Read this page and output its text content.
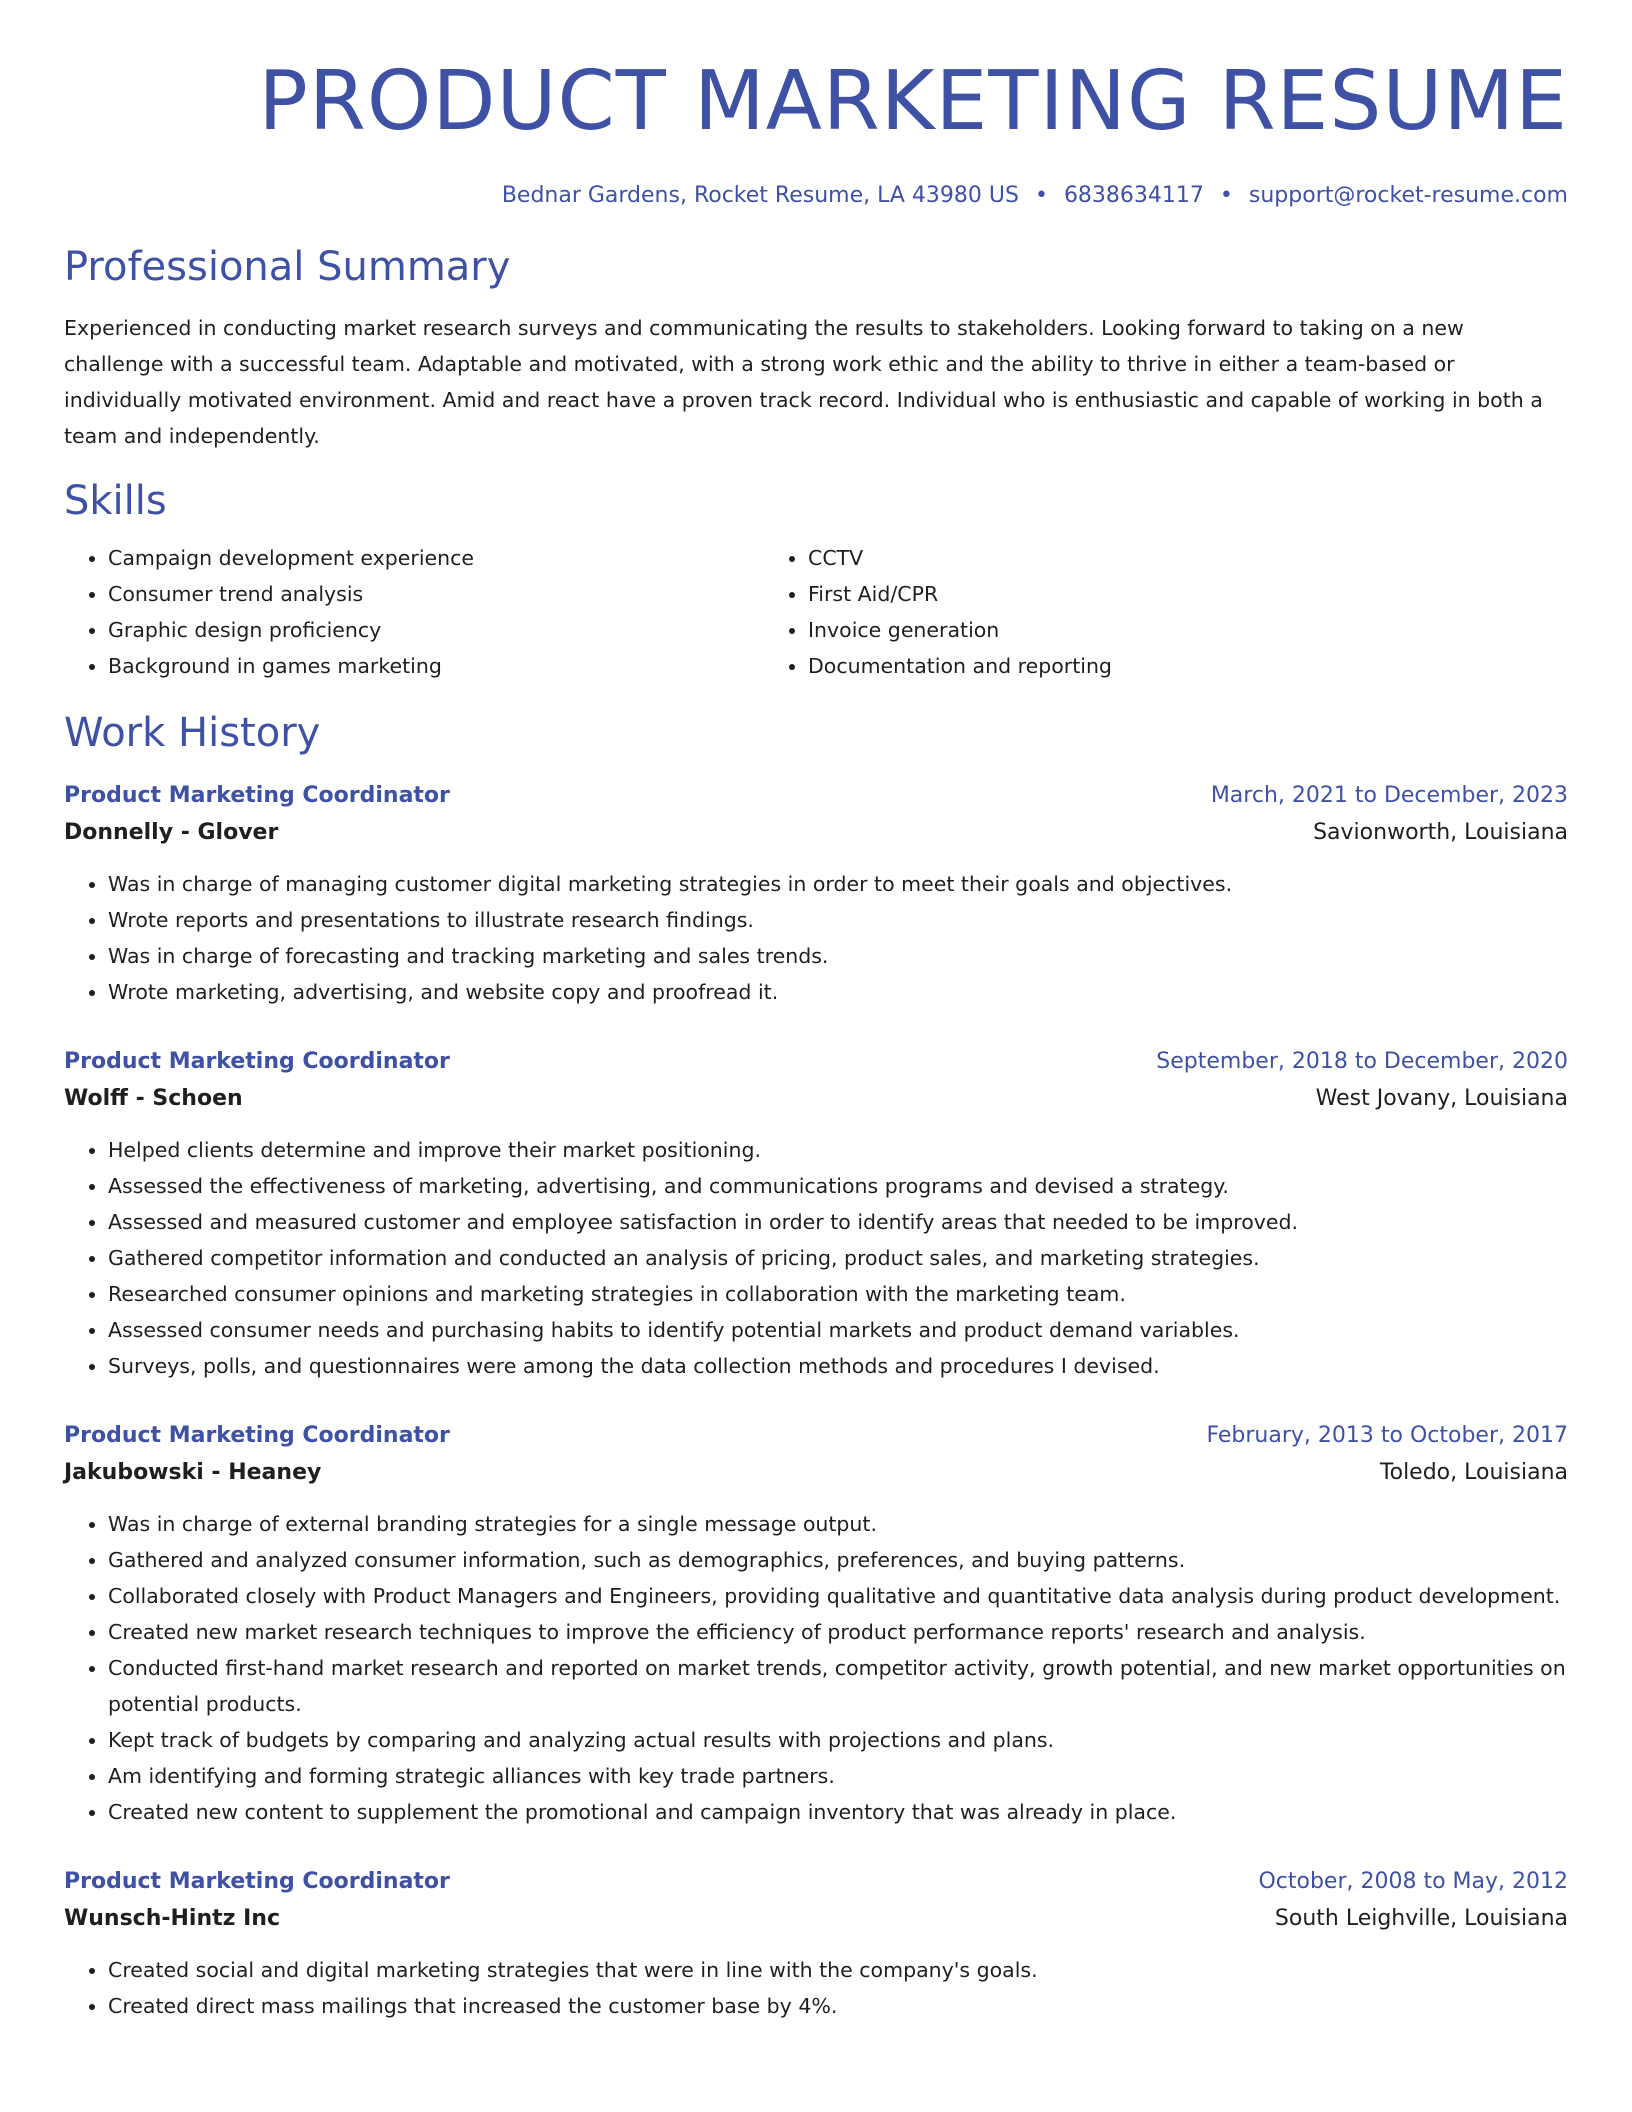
PRODUCT MARKETING RESUME
Bednar Gardens, Rocket Resume, LA 43980 US • 6838634117 • support@rocket-resume.com
Professional Summary

Experienced in conducting market research surveys and communicating the results to stakeholders. Looking forward to taking on a new challenge with a successful team. Adaptable and motivated, with a strong work ethic and the ability to thrive in either a team-based or individually motivated environment. Amid and react have a proven track record. Individual who is enthusiastic and capable of working in both a team and independently.

Skills
• Campaign development experience
• Consumer trend analysis
• Graphic design proficiency
• Background in games marketing
• CCTV
• First Aid/CPR
• Invoice generation
• Documentation and reporting
Work History
Product Marketing Coordinator	March, 2021 to December, 2023
Donnelly - Glover	Savionworth, Louisiana
• Was in charge of managing customer digital marketing strategies in order to meet their goals and objectives.
• Wrote reports and presentations to illustrate research findings.
• Was in charge of forecasting and tracking marketing and sales trends.
• Wrote marketing, advertising, and website copy and proofread it.
Product Marketing Coordinator	September, 2018 to December, 2020
Wolff - Schoen	West Jovany, Louisiana
• Helped clients determine and improve their market positioning.
• Assessed the effectiveness of marketing, advertising, and communications programs and devised a strategy.
• Assessed and measured customer and employee satisfaction in order to identify areas that needed to be improved.
• Gathered competitor information and conducted an analysis of pricing, product sales, and marketing strategies.
• Researched consumer opinions and marketing strategies in collaboration with the marketing team.
• Assessed consumer needs and purchasing habits to identify potential markets and product demand variables.
• Surveys, polls, and questionnaires were among the data collection methods and procedures I devised.
Product Marketing Coordinator	February, 2013 to October, 2017
Jakubowski - Heaney	Toledo, Louisiana
• Was in charge of external branding strategies for a single message output.
• Gathered and analyzed consumer information, such as demographics, preferences, and buying patterns.
• Collaborated closely with Product Managers and Engineers, providing qualitative and quantitative data analysis during product development.
• Created new market research techniques to improve the efficiency of product performance reports' research and analysis.
• Conducted first-hand market research and reported on market trends, competitor activity, growth potential, and new market opportunities on potential products.
• Kept track of budgets by comparing and analyzing actual results with projections and plans.
• Am identifying and forming strategic alliances with key trade partners.
• Created new content to supplement the promotional and campaign inventory that was already in place.
Product Marketing Coordinator	October, 2008 to May, 2012
Wunsch-Hintz Inc	South Leighville, Louisiana
• Created social and digital marketing strategies that were in line with the company's goals.
• Created direct mass mailings that increased the customer base by 4%.
